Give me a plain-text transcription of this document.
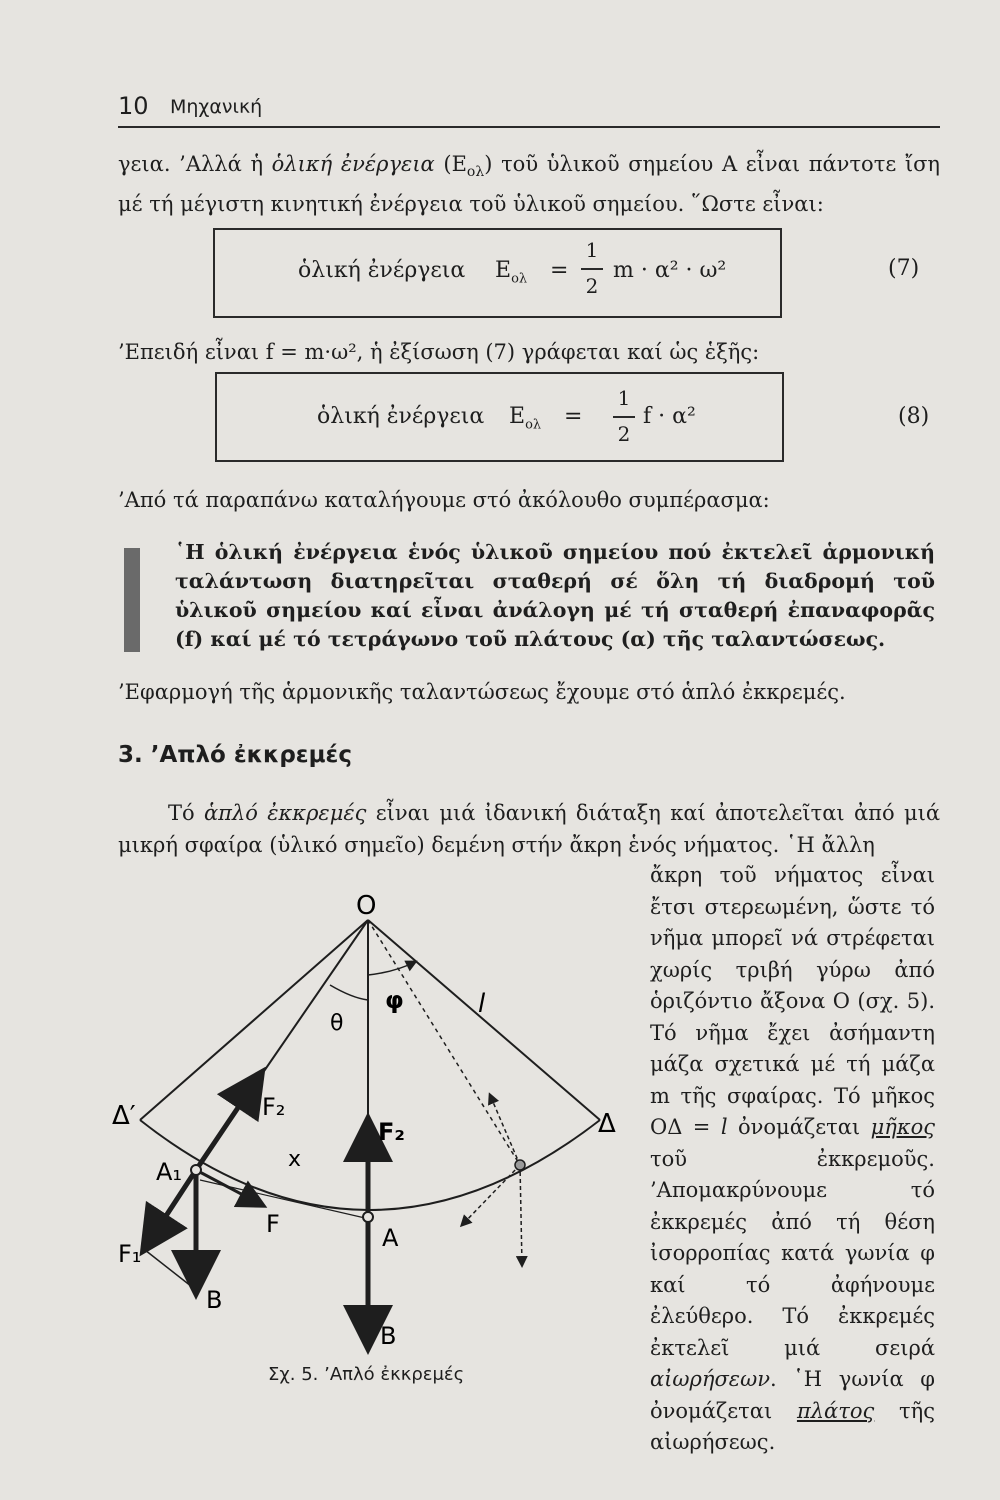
10 Μηχανική
γεια. ’Αλλά ἡ ὁλική ἐνέργεια $(E_{o\lambda})$ τοῦ ὑλικοῦ σημείου Α εἶναι πάντοτε ἴση μέ τή μέγιστη κινητική ἐνέργεια τοῦ ὑλικοῦ σημείου. ῞Ωστε εἶναι:
ὁλική ἐνέργεια $E_{o\lambda}$ =
1
2
m · α² · ω²	(7)
’Επειδή εἶναι f = m·ω², ἡ ἐξίσωση (7) γράφεται καί ὡς ἑξῆς:
ὁλική ἐνέργεια $E_{o\lambda}$ =
1
2
f · α²	(8)
’Από τά παραπάνω καταλήγουμε στό ἀκόλουθο συμπέρασμα:
῾Η ὁλική ἐνέργεια ἑνός ὑλικοῦ σημείου πού ἐκτελεῖ ἁρμονική ταλάντωση διατηρεῖται σταθερή σέ ὅλη τή διαδρομή τοῦ ὑλικοῦ σημείου καί εἶναι ἀνάλογη μέ τή σταθερή ἐπαναφορᾶς (f) καί μέ τό τετράγωνο τοῦ πλάτους (α) τῆς ταλαντώσεως.
’Εφαρμογή τῆς ἁρμονικῆς ταλαντώσεως ἔχουμε στό ἁπλό ἐκκρεμές.
3. ’Απλό ἐκκρεμές
Τό ἁπλό ἐκκρεμές εἶναι μιά ἰδανική διάταξη καί ἀποτελεῖται ἀπό μιά μικρή σφαίρα (ὑλικό σημεῖο) δεμένη στήν ἄκρη ἑνός νήματος. ῾Η ἄλλη
ἄκρη τοῦ νήματος εἶναι ἔτσι στερεωμένη, ὥστε τό νῆμα μπορεῖ νά στρέφεται χωρίς τριβή γύρω ἀπό ὁριζόντιο ἄξονα Ο (σχ. 5). Τό νῆμα ἔχει ἀσήμαντη μάζα σχετικά μέ τή μάζα m τῆς σφαίρας. Τό μῆκος ΟΔ = l ὀνομάζεται μῆκος τοῦ ἐκκρεμοῦς. ’Απομακρύνουμε τό ἐκκρεμές ἀπό τή θέση ἰσορροπίας κατά γωνία φ καί τό ἀφήνουμε ἐλεύθερο. Τό ἐκκρεμές ἐκτελεῖ μιά σειρά αἰωρήσεων. ῾Η γωνία φ ὀνομάζεται πλάτος τῆς αἰωρήσεως.
O
θ
φ	l
Δ′	Δ
F₂
F₂
A₁	x
F	A
F₁
B
B
Σχ. 5. ’Απλό ἐκκρεμές
